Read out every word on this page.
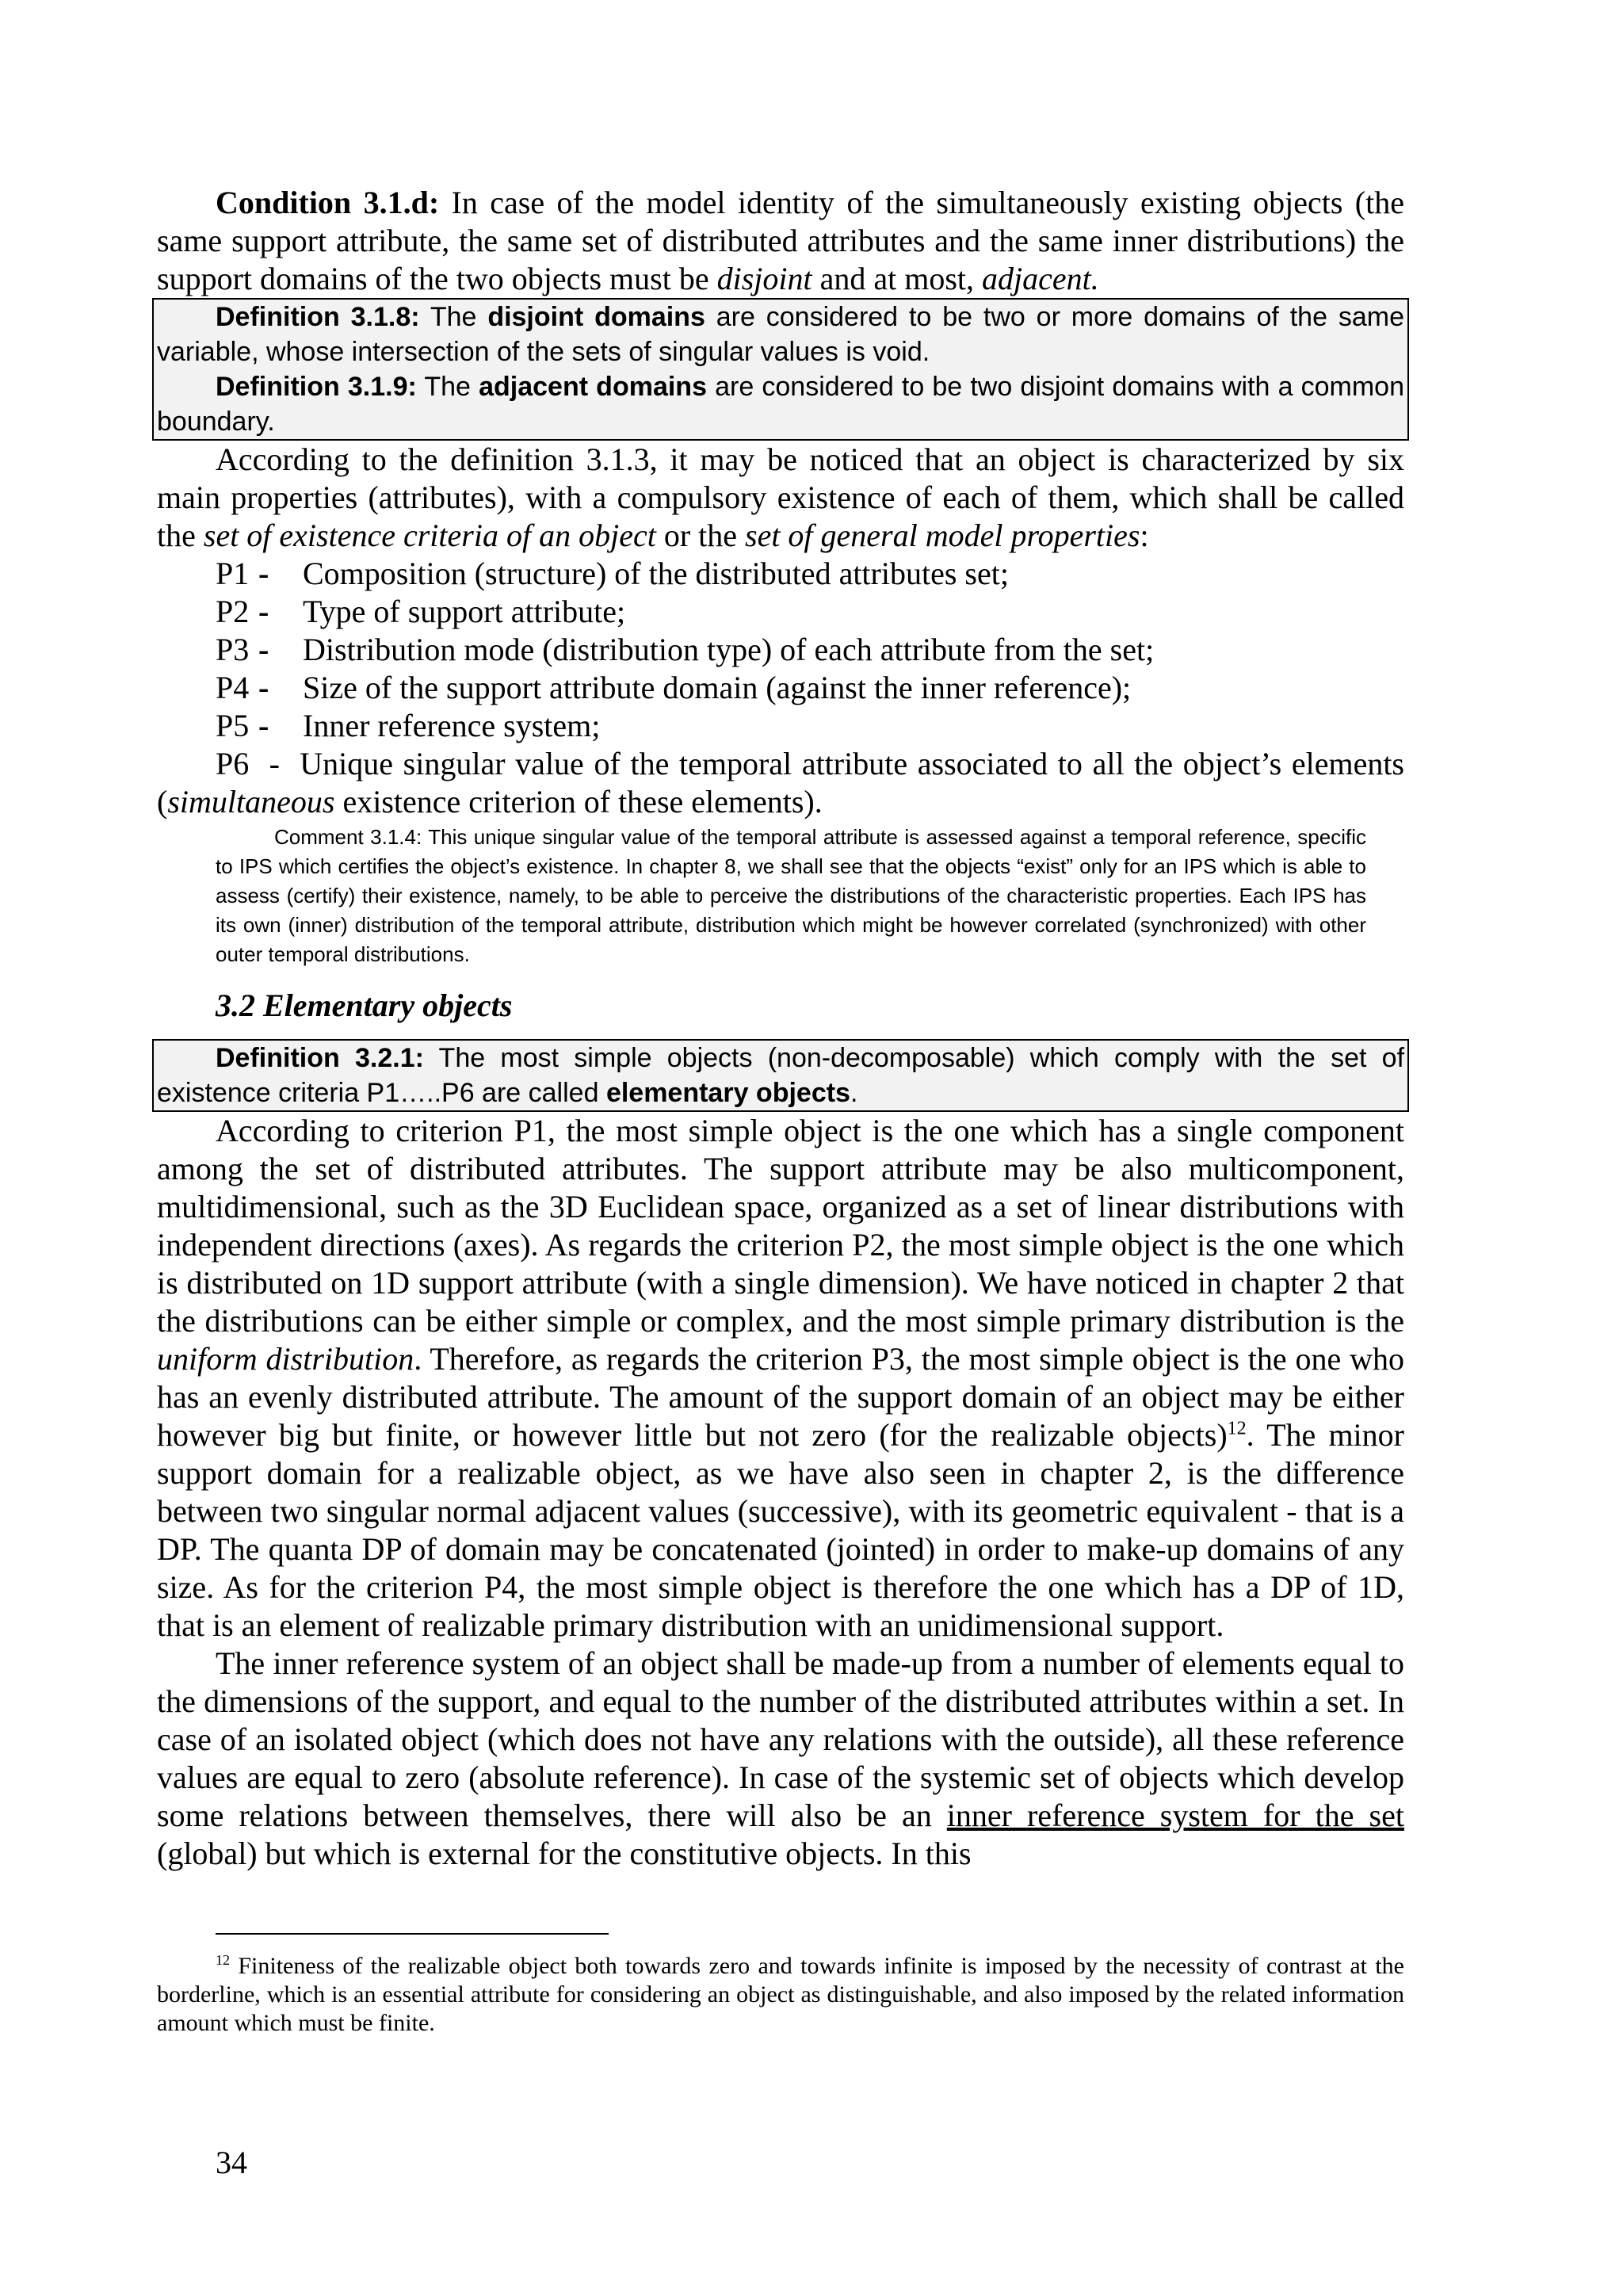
Condition 3.1.d: In case of the model identity of the simultaneously existing objects (the same support attribute, the same set of distributed attributes and the same inner distributions) the support domains of the two objects must be disjoint and at most, adjacent.

Definition 3.1.8: The disjoint domains are considered to be two or more domains of the same variable, whose intersection of the sets of singular values is void.

Definition 3.1.9: The adjacent domains are considered to be two disjoint domains with a common boundary.

According to the definition 3.1.3, it may be noticed that an object is characterized by six main properties (attributes), with a compulsory existence of each of them, which shall be called the set of existence criteria of an object or the set of general model properties:

P1 -	Composition (structure) of the distributed attributes set;
P2 -	Type of support attribute;
P3 -	Distribution mode (distribution type) of each attribute from the set;
P4 -	Size of the support attribute domain (against the inner reference);
P5 -	Inner reference system;

P6 - Unique singular value of the temporal attribute associated to all the object’s elements (simultaneous existence criterion of these elements).

Comment 3.1.4: This unique singular value of the temporal attribute is assessed against a temporal reference, specific to IPS which certifies the object’s existence. In chapter 8, we shall see that the objects “exist” only for an IPS which is able to assess (certify) their existence, namely, to be able to perceive the distributions of the characteristic properties. Each IPS has its own (inner) distribution of the temporal attribute, distribution which might be however correlated (synchronized) with other outer temporal distributions.

3.2 Elementary objects

Definition 3.2.1: The most simple objects (non-decomposable) which comply with the set of existence criteria P1…..P6 are called elementary objects.

According to criterion P1, the most simple object is the one which has a single component among the set of distributed attributes. The support attribute may be also multicomponent, multidimensional, such as the 3D Euclidean space, organized as a set of linear distributions with independent directions (axes). As regards the criterion P2, the most simple object is the one which is distributed on 1D support attribute (with a single dimension). We have noticed in chapter 2 that the distributions can be either simple or complex, and the most simple primary distribution is the uniform distribution. Therefore, as regards the criterion P3, the most simple object is the one who has an evenly distributed attribute. The amount of the support domain of an object may be either however big but finite, or however little but not zero (for the realizable objects)$^{12}$. The minor support domain for a realizable object, as we have also seen in chapter 2, is the difference between two singular normal adjacent values (successive), with its geometric equivalent - that is a DP. The quanta DP of domain may be concatenated (jointed) in order to make-up domains of any size. As for the criterion P4, the most simple object is therefore the one which has a DP of 1D, that is an element of realizable primary distribution with an unidimensional support.

The inner reference system of an object shall be made-up from a number of elements equal to the dimensions of the support, and equal to the number of the distributed attributes within a set. In case of an isolated object (which does not have any relations with the outside), all these reference values are equal to zero (absolute reference). In case of the systemic set of objects which develop some relations between themselves, there will also be an inner reference system for the set (global) but which is external for the constitutive objects. In this

$^{12}$ Finiteness of the realizable object both towards zero and towards infinite is imposed by the necessity of contrast at the borderline, which is an essential attribute for considering an object as distinguishable, and also imposed by the related information amount which must be finite.

34
